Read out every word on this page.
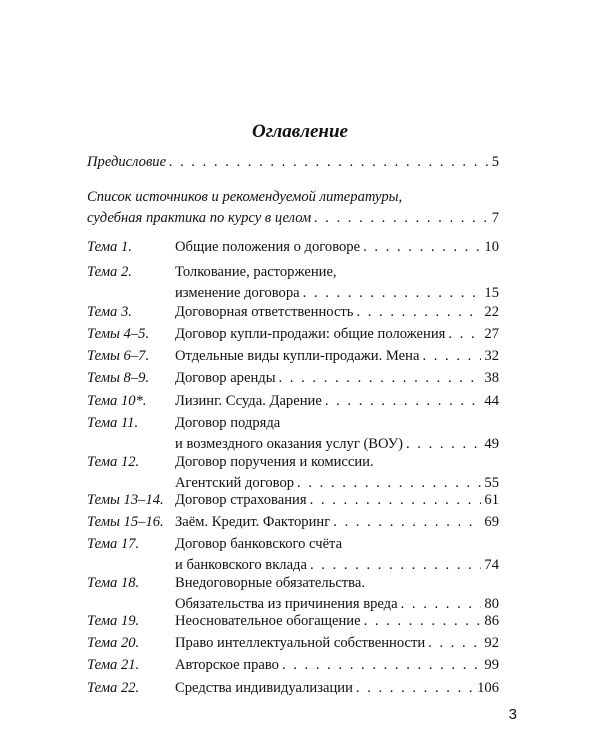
Оглавление
Предисловие . . .	5
Список источников и рекомендуемой литературы,
судебная практика по курсу в целом . . .	7
Тема 1.	Общие положения о договоре . . .	10
Тема 2.	Толкование, расторжение,
изменение договора . . .	15
Тема 3.	Договорная ответственность . . .	22
Темы 4–5. Договор купли-продажи: общие положения . . .	27
Темы 6–7. Отдельные виды купли-продажи. Мена . . .	32
Темы 8–9. Договор аренды . . .	38
Тема 10*. Лизинг. Ссуда. Дарение . . .	44
Тема 11.	Договор подряда
и возмездного оказания услуг (ВОУ) . . .	49
Тема 12. Договор поручения и комиссии.
Агентский договор . . .	55
Темы 13–14. Договор страхования . . .	61
Темы 15–16. Заём. Кредит. Факторинг . . .	69
Тема 17. Договор банковского счёта
и банковского вклада . . .	74
Тема 18. Внедоговорные обязательства.
Обязательства из причинения вреда . . .	80
Тема 19. Неосновательное обогащение . . .	86
Тема 20. Право интеллектуальной собственности . . .	92
Тема 21. Авторское право . . .	99
Тема 22. Средства индивидуализации . . .	106
3
